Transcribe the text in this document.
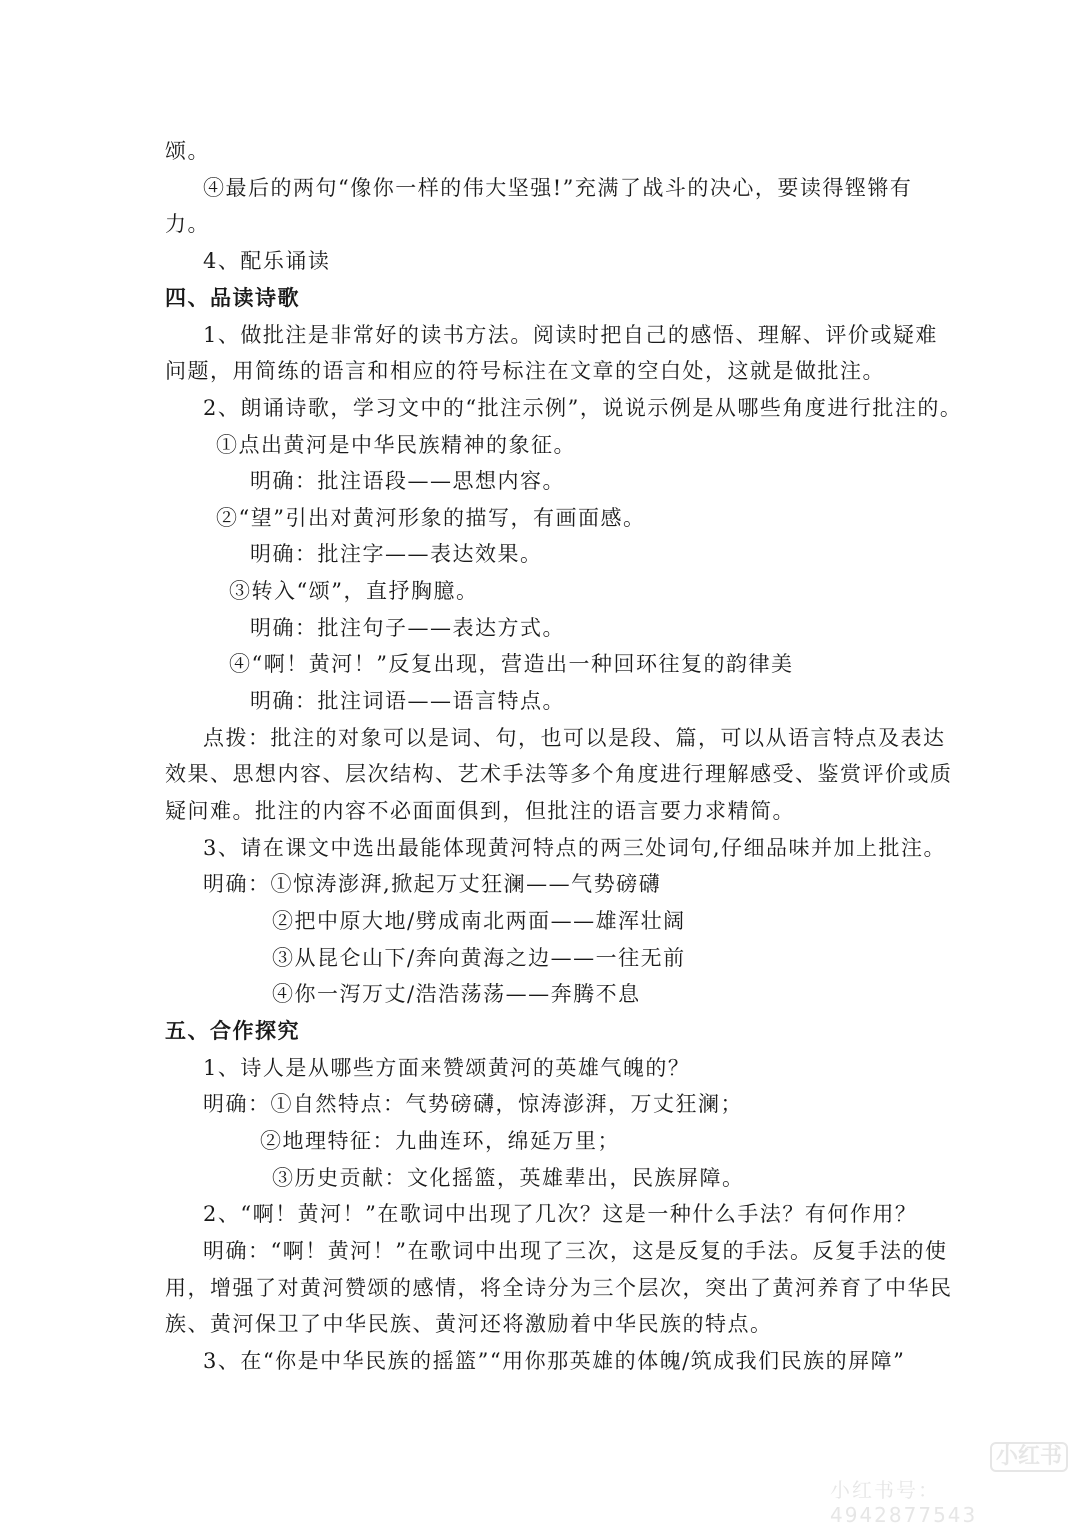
颂。
④最后的两句“像你一样的伟大坚强!”充满了战斗的决心，要读得铿锵有
力。
4、配乐诵读
四、品读诗歌
1、做批注是非常好的读书方法。阅读时把自己的感悟、理解、评价或疑难
问题，用简练的语言和相应的符号标注在文章的空白处，这就是做批注。
2、朗诵诗歌，学习文中的“批注示例”，说说示例是从哪些角度进行批注的。
①点出黄河是中华民族精神的象征。
明确：批注语段——思想内容。
②“望”引出对黄河形象的描写，有画面感。
明确：批注字——表达效果。
③转入“颂”，直抒胸臆。
明确：批注句子——表达方式。
④“啊！黄河！”反复出现，营造出一种回环往复的韵律美
明确：批注词语——语言特点。
点拨：批注的对象可以是词、句，也可以是段、篇，可以从语言特点及表达
效果、思想内容、层次结构、艺术手法等多个角度进行理解感受、鉴赏评价或质
疑问难。批注的内容不必面面俱到，但批注的语言要力求精简。
3、请在课文中选出最能体现黄河特点的两三处词句,仔细品味并加上批注。
明确：①惊涛澎湃,掀起万丈狂澜——气势磅礴
②把中原大地/劈成南北两面——雄浑壮阔
③从昆仑山下/奔向黄海之边——一往无前
④你一泻万丈/浩浩荡荡——奔腾不息
五、合作探究
1、诗人是从哪些方面来赞颂黄河的英雄气魄的？
明确：①自然特点：气势磅礴，惊涛澎湃，万丈狂澜；
②地理特征：九曲连环，绵延万里；
③历史贡献：文化摇篮，英雄辈出，民族屏障。
2、“啊！黄河！”在歌词中出现了几次？这是一种什么手法？有何作用？
明确：“啊！黄河！”在歌词中出现了三次，这是反复的手法。反复手法的使
用，增强了对黄河赞颂的感情，将全诗分为三个层次，突出了黄河养育了中华民
族、黄河保卫了中华民族、黄河还将激励着中华民族的特点。
3、在“你是中华民族的摇篮”“用你那英雄的体魄/筑成我们民族的屏障”
小红书
小红书号：4942877543
